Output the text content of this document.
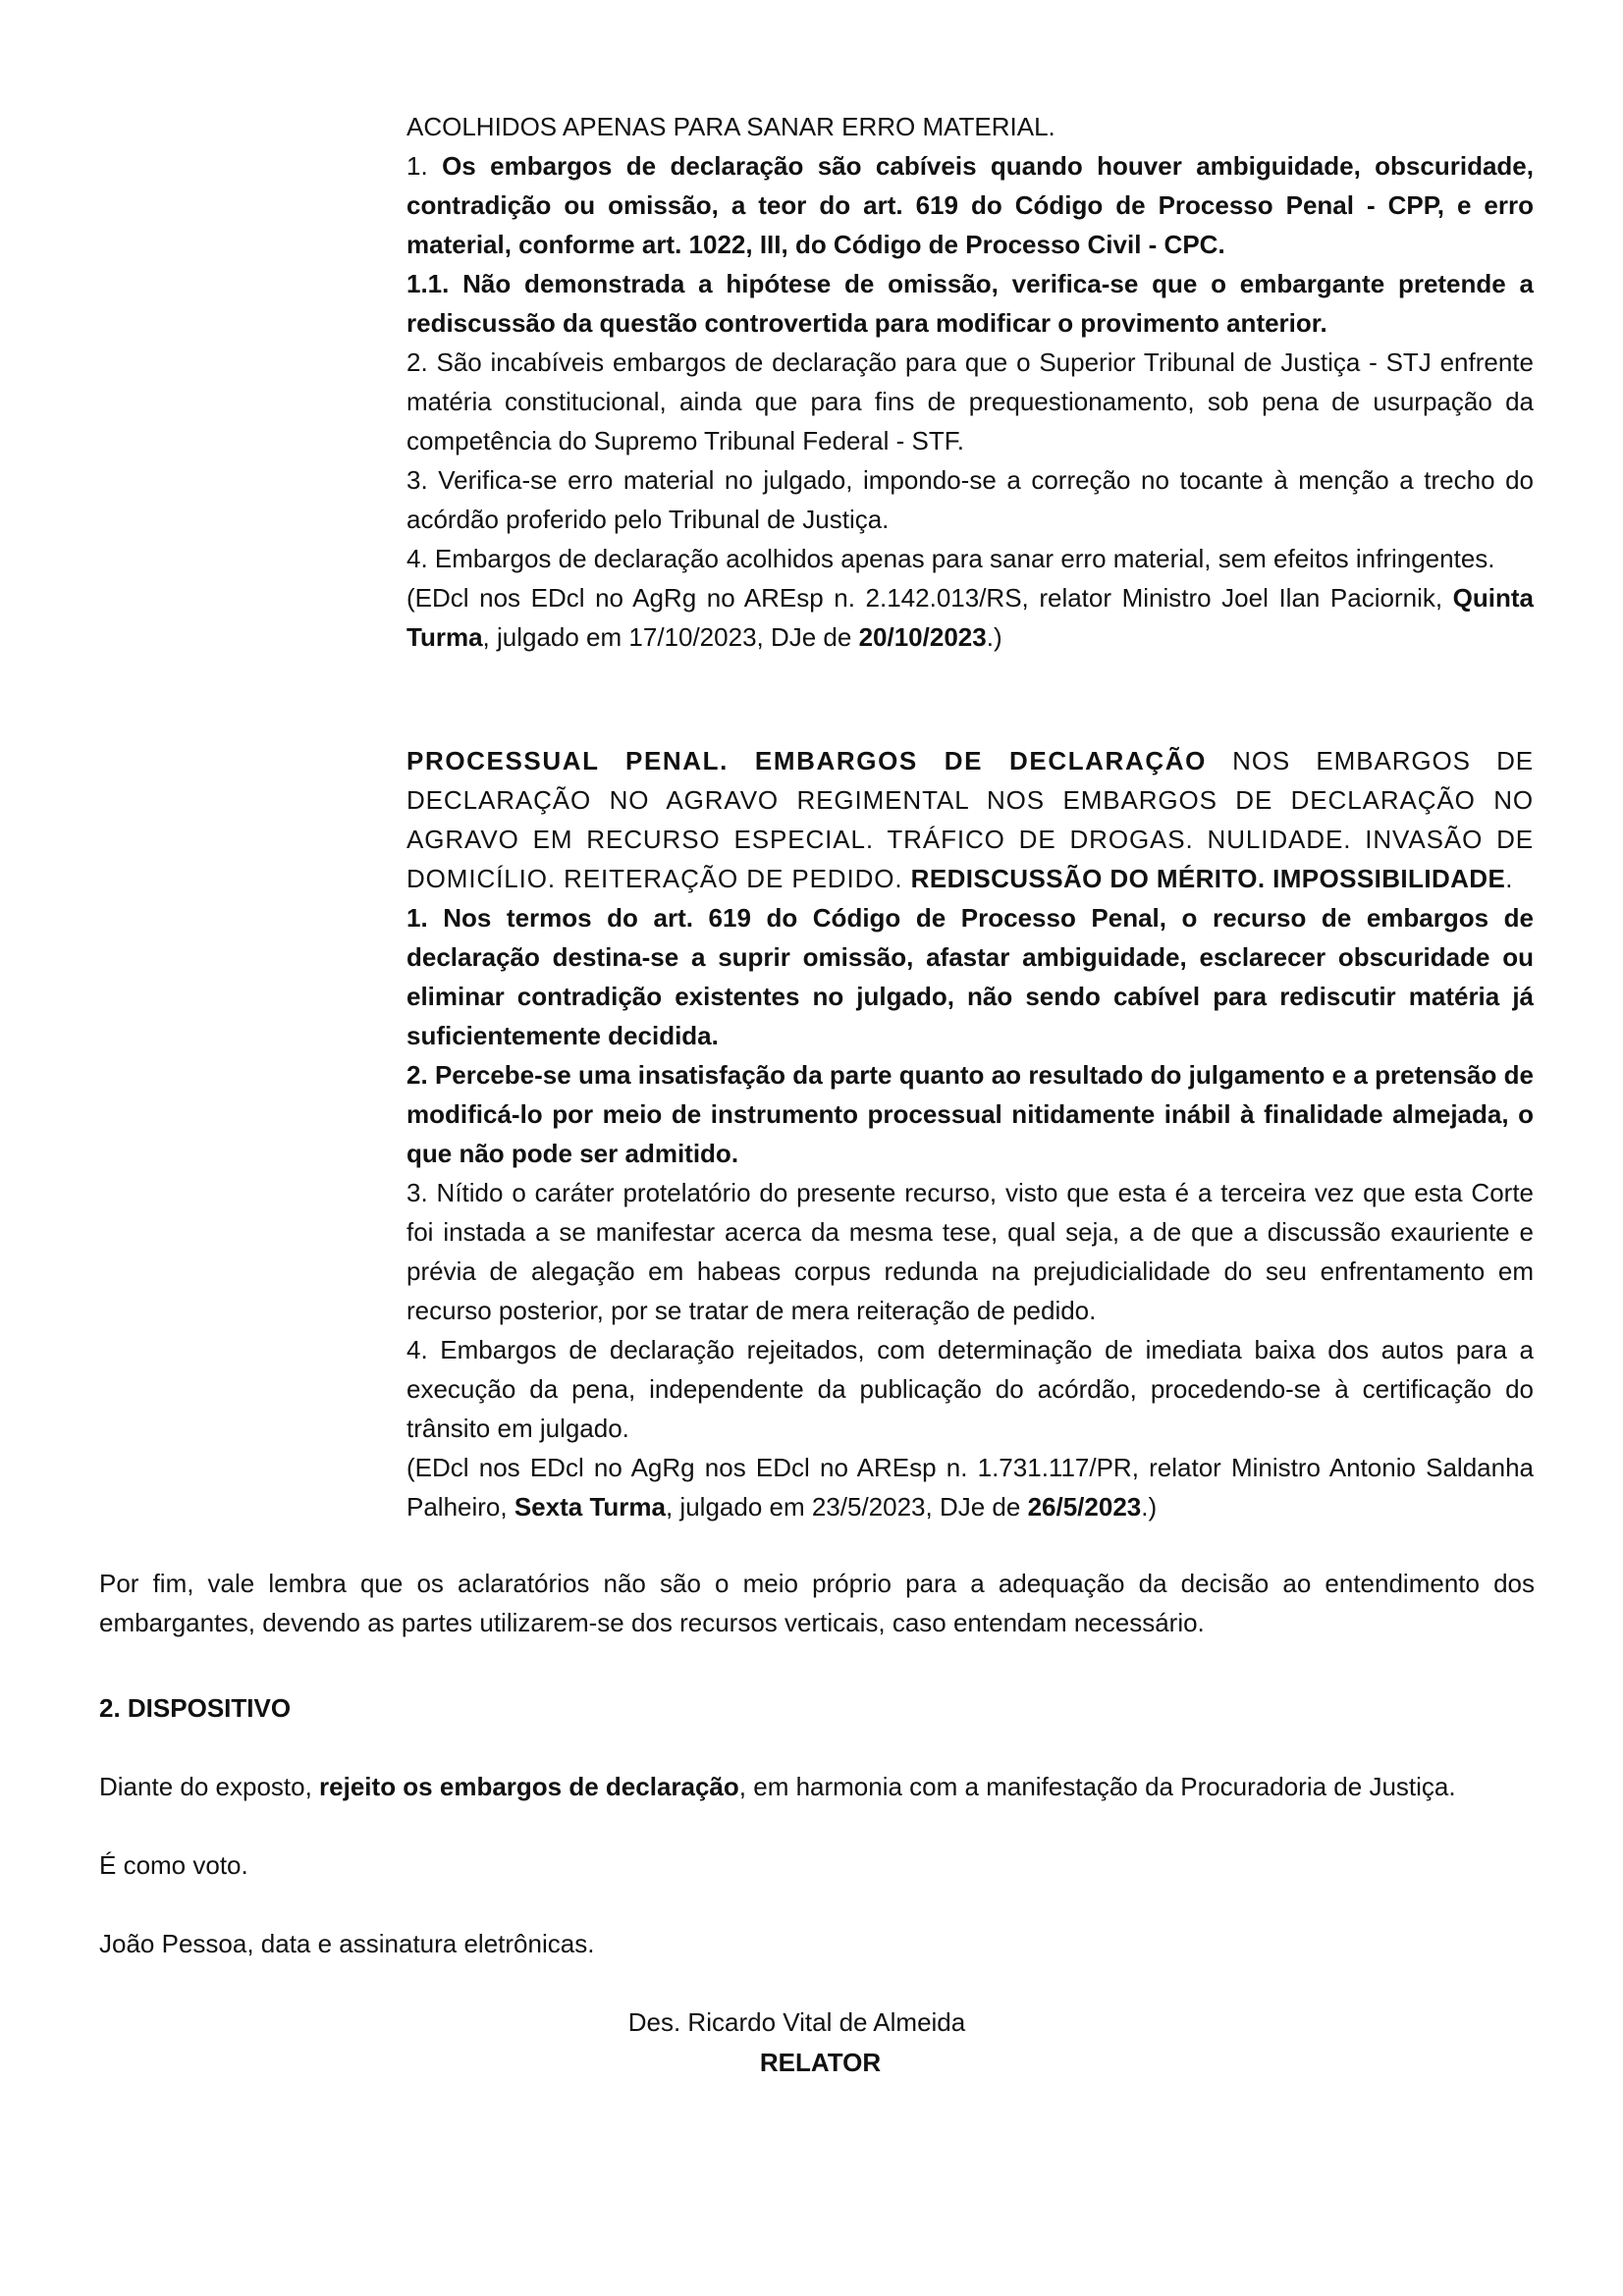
ACOLHIDOS APENAS PARA SANAR ERRO MATERIAL.

1. Os embargos de declaração são cabíveis quando houver ambiguidade, obscuridade, contradição ou omissão, a teor do art. 619 do Código de Processo Penal - CPP, e erro material, conforme art. 1022, III, do Código de Processo Civil - CPC.

1.1. Não demonstrada a hipótese de omissão, verifica-se que o embargante pretende a rediscussão da questão controvertida para modificar o provimento anterior.

2. São incabíveis embargos de declaração para que o Superior Tribunal de Justiça - STJ enfrente matéria constitucional, ainda que para fins de prequestionamento, sob pena de usurpação da competência do Supremo Tribunal Federal - STF.

3. Verifica-se erro material no julgado, impondo-se a correção no tocante à menção a trecho do acórdão proferido pelo Tribunal de Justiça.

4. Embargos de declaração acolhidos apenas para sanar erro material, sem efeitos infringentes.

(EDcl nos EDcl no AgRg no AREsp n. 2.142.013/RS, relator Ministro Joel Ilan Paciornik, Quinta Turma, julgado em 17/10/2023, DJe de 20/10/2023.)

PROCESSUAL PENAL. EMBARGOS DE DECLARAÇÃO NOS EMBARGOS DE DECLARAÇÃO NO AGRAVO REGIMENTAL NOS EMBARGOS DE DECLARAÇÃO NO AGRAVO EM RECURSO ESPECIAL. TRÁFICO DE DROGAS. NULIDADE. INVASÃO DE DOMICÍLIO. REITERAÇÃO DE PEDIDO. REDISCUSSÃO DO MÉRITO. IMPOSSIBILIDADE.

1. Nos termos do art. 619 do Código de Processo Penal, o recurso de embargos de declaração destina-se a suprir omissão, afastar ambiguidade, esclarecer obscuridade ou eliminar contradição existentes no julgado, não sendo cabível para rediscutir matéria já suficientemente decidida.

2. Percebe-se uma insatisfação da parte quanto ao resultado do julgamento e a pretensão de modificá-lo por meio de instrumento processual nitidamente inábil à finalidade almejada, o que não pode ser admitido.

3. Nítido o caráter protelatório do presente recurso, visto que esta é a terceira vez que esta Corte foi instada a se manifestar acerca da mesma tese, qual seja, a de que a discussão exauriente e prévia de alegação em habeas corpus redunda na prejudicialidade do seu enfrentamento em recurso posterior, por se tratar de mera reiteração de pedido.

4. Embargos de declaração rejeitados, com determinação de imediata baixa dos autos para a execução da pena, independente da publicação do acórdão, procedendo-se à certificação do trânsito em julgado.

(EDcl nos EDcl no AgRg nos EDcl no AREsp n. 1.731.117/PR, relator Ministro Antonio Saldanha Palheiro, Sexta Turma, julgado em 23/5/2023, DJe de 26/5/2023.)

Por fim, vale lembra que os aclaratórios não são o meio próprio para a adequação da decisão ao entendimento dos embargantes, devendo as partes utilizarem-se dos recursos verticais, caso entendam necessário.

2. DISPOSITIVO

Diante do exposto, rejeito os embargos de declaração, em harmonia com a manifestação da Procuradoria de Justiça.

É como voto.

João Pessoa, data e assinatura eletrônicas.

Des. Ricardo Vital de Almeida

RELATOR
